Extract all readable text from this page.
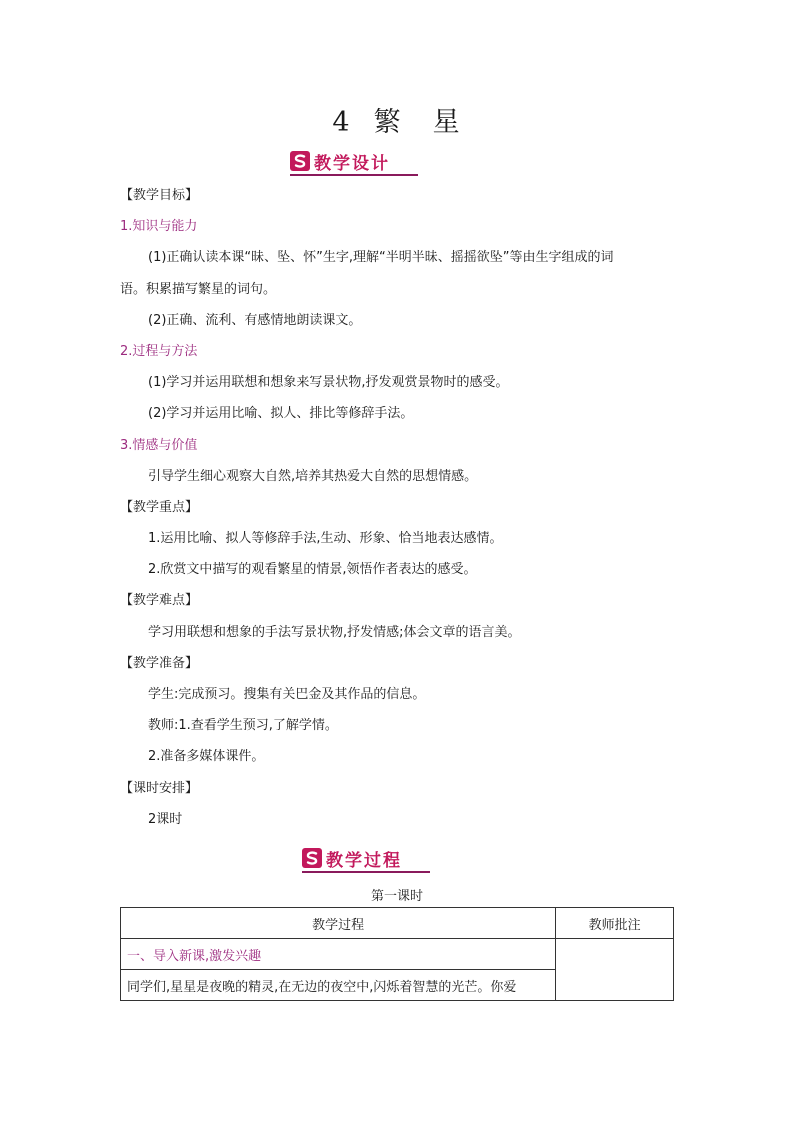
4 繁 星
教学设计
【教学目标】
1.知识与能力
(1)正确认读本课“昧、坠、怀”生字,理解“半明半昧、摇摇欲坠”等由生字组成的词
语。积累描写繁星的词句。
(2)正确、流利、有感情地朗读课文。
2.过程与方法
(1)学习并运用联想和想象来写景状物,抒发观赏景物时的感受。
(2)学习并运用比喻、拟人、排比等修辞手法。
3.情感与价值
引导学生细心观察大自然,培养其热爱大自然的思想情感。
【教学重点】
1.运用比喻、拟人等修辞手法,生动、形象、恰当地表达感情。
2.欣赏文中描写的观看繁星的情景,领悟作者表达的感受。
【教学难点】
学习用联想和想象的手法写景状物,抒发情感;体会文章的语言美。
【教学准备】
学生:完成预习。搜集有关巴金及其作品的信息。
教师:1.查看学生预习,了解学情。
2.准备多媒体课件。
【课时安排】
2课时
教学过程
第一课时
教学过程	教师批注
一、导入新课,激发兴趣	
同学们,星星是夜晚的精灵,在无边的夜空中,闪烁着智慧的光芒。你爱	
